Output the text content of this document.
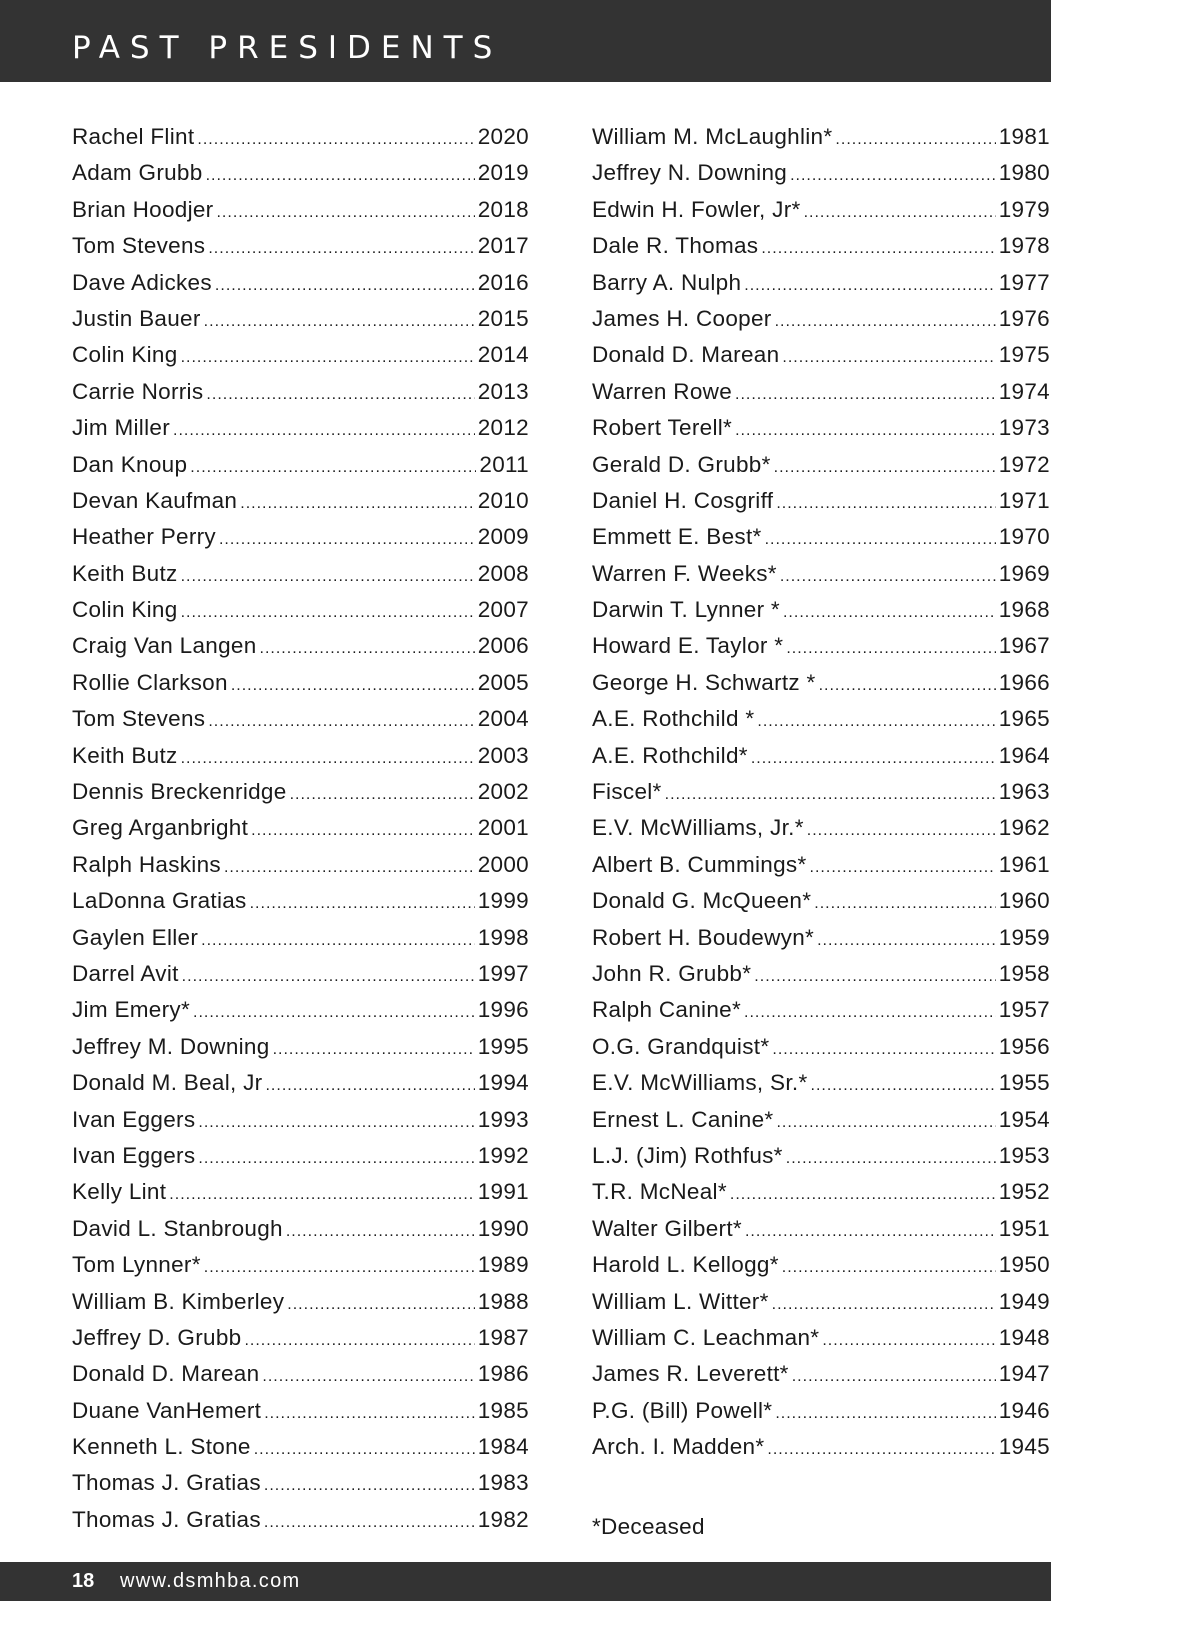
PAST PRESIDENTS
Rachel Flint .....	2020
Adam Grubb .....	2019
Brian Hoodjer .....	2018
Tom Stevens .....	2017
Dave Adickes .....	2016
Justin Bauer .....	2015
Colin King .....	2014
Carrie Norris .....	2013
Jim Miller .....	2012
Dan Knoup .....	2011
Devan Kaufman .....	2010
Heather Perry .....	2009
Keith Butz .....	2008
Colin King .....	2007
Craig Van Langen .....	2006
Rollie Clarkson .....	2005
Tom Stevens .....	2004
Keith Butz .....	2003
Dennis Breckenridge .....	2002
Greg Arganbright .....	2001
Ralph Haskins .....	2000
LaDonna Gratias .....	1999
Gaylen Eller .....	1998
Darrel Avit .....	1997
Jim Emery* .....	1996
Jeffrey M. Downing .....	1995
Donald M. Beal, Jr .....	1994
Ivan Eggers .....	1993
Ivan Eggers .....	1992
Kelly Lint .....	1991
David L. Stanbrough .....	1990
Tom Lynner* .....	1989
William B. Kimberley .....	1988
Jeffrey D. Grubb .....	1987
Donald D. Marean .....	1986
Duane VanHemert .....	1985
Kenneth L. Stone .....	1984
Thomas J. Gratias .....	1983
Thomas J. Gratias .....	1982
William M. McLaughlin* .....	1981
Jeffrey N. Downing .....	1980
Edwin H. Fowler, Jr* .....	1979
Dale R. Thomas .....	1978
Barry A. Nulph .....	1977
James H. Cooper .....	1976
Donald D. Marean .....	1975
Warren Rowe .....	1974
Robert Terell* .....	1973
Gerald D. Grubb* .....	1972
Daniel H. Cosgriff .....	1971
Emmett E. Best* .....	1970
Warren F. Weeks* .....	1969
Darwin T. Lynner * .....	1968
Howard E. Taylor * .....	1967
George H. Schwartz * .....	1966
A.E. Rothchild * .....	1965
A.E. Rothchild* .....	1964
Fiscel* .....	1963
E.V. McWilliams, Jr.* .....	1962
Albert B. Cummings* .....	1961
Donald G. McQueen* .....	1960
Robert H. Boudewyn* .....	1959
John R. Grubb* .....	1958
Ralph Canine* .....	1957
O.G. Grandquist* .....	1956
E.V. McWilliams, Sr.* .....	1955
Ernest L. Canine* .....	1954
L.J. (Jim) Rothfus* .....	1953
T.R. McNeal* .....	1952
Walter Gilbert* .....	1951
Harold L. Kellogg* .....	1950
William L. Witter* .....	1949
William C. Leachman* .....	1948
James R. Leverett* .....	1947
P.G. (Bill) Powell* .....	1946
Arch. I. Madden* .....	1945
*Deceased
18 www.dsmhba.com
